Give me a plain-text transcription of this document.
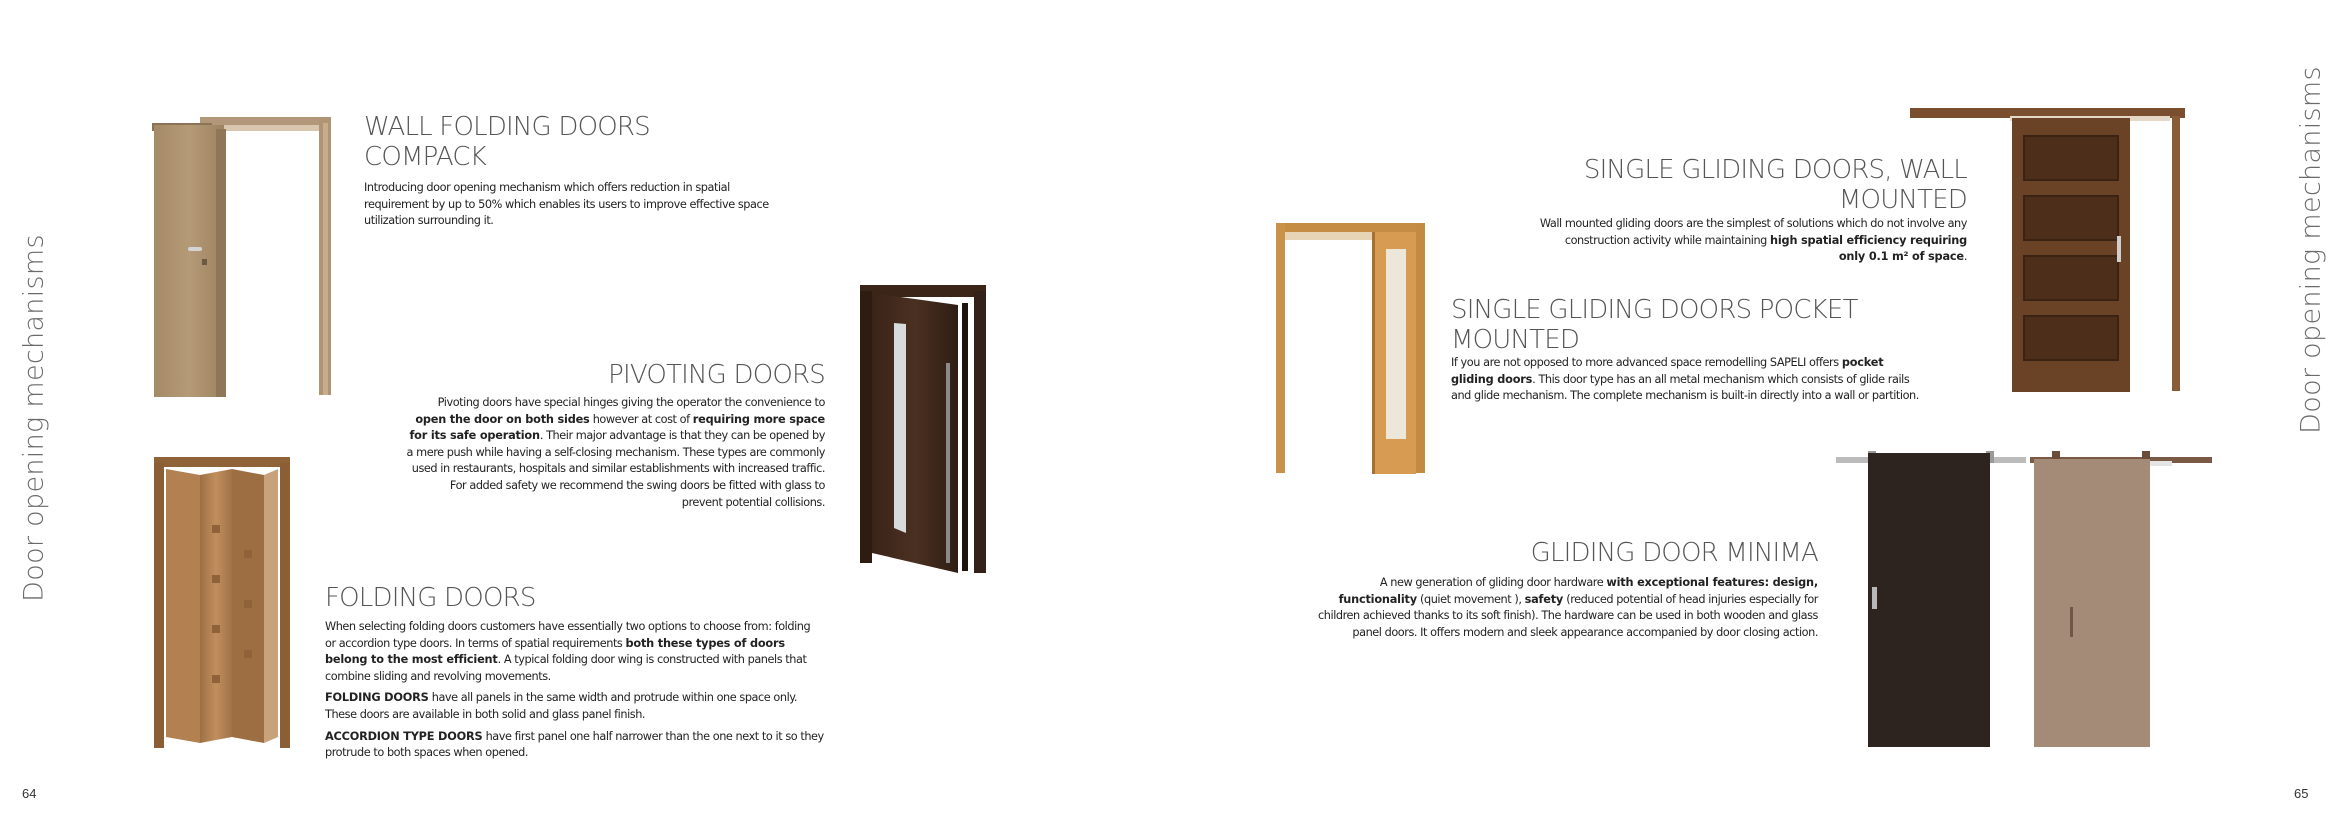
Door opening mechanisms	Door opening mechanisms
64	65
WALL FOLDING DOORS
COMPACK
Introducing door opening mechanism which offers reduction in spatial
requirement by up to 50% which enables its users to improve effective space
utilization surrounding it.
PIVOTING DOORS
Pivoting doors have special hinges giving the operator the convenience to
open the door on both sides however at cost of requiring more space
for its safe operation. Their major advantage is that they can be opened by
a mere push while having a self-closing mechanism. These types are commonly
used in restaurants, hospitals and similar establishments with increased traffic.
For added safety we recommend the swing doors be fitted with glass to
prevent potential collisions.
FOLDING DOORS
When selecting folding doors customers have essentially two options to choose from: folding
or accordion type doors. In terms of spatial requirements both these types of doors
belong to the most efficient. A typical folding door wing is constructed with panels that
combine sliding and revolving movements.
FOLDING DOORS have all panels in the same width and protrude within one space only.
These doors are available in both solid and glass panel finish.
ACCORDION TYPE DOORS have first panel one half narrower than the one next to it so they
protrude to both spaces when opened.
SINGLE GLIDING DOORS, WALL
MOUNTED
Wall mounted gliding doors are the simplest of solutions which do not involve any
construction activity while maintaining high spatial efficiency requiring
only 0.1 m² of space.
SINGLE GLIDING DOORS POCKET
MOUNTED
If you are not opposed to more advanced space remodelling SAPELI offers pocket
gliding doors. This door type has an all metal mechanism which consists of glide rails
and glide mechanism. The complete mechanism is built-in directly into a wall or partition.
GLIDING DOOR MINIMA
A new generation of gliding door hardware with exceptional features: design,
functionality (quiet movement ), safety (reduced potential of head injuries especially for
children achieved thanks to its soft finish). The hardware can be used in both wooden and glass
panel doors. It offers modern and sleek appearance accompanied by door closing action.
